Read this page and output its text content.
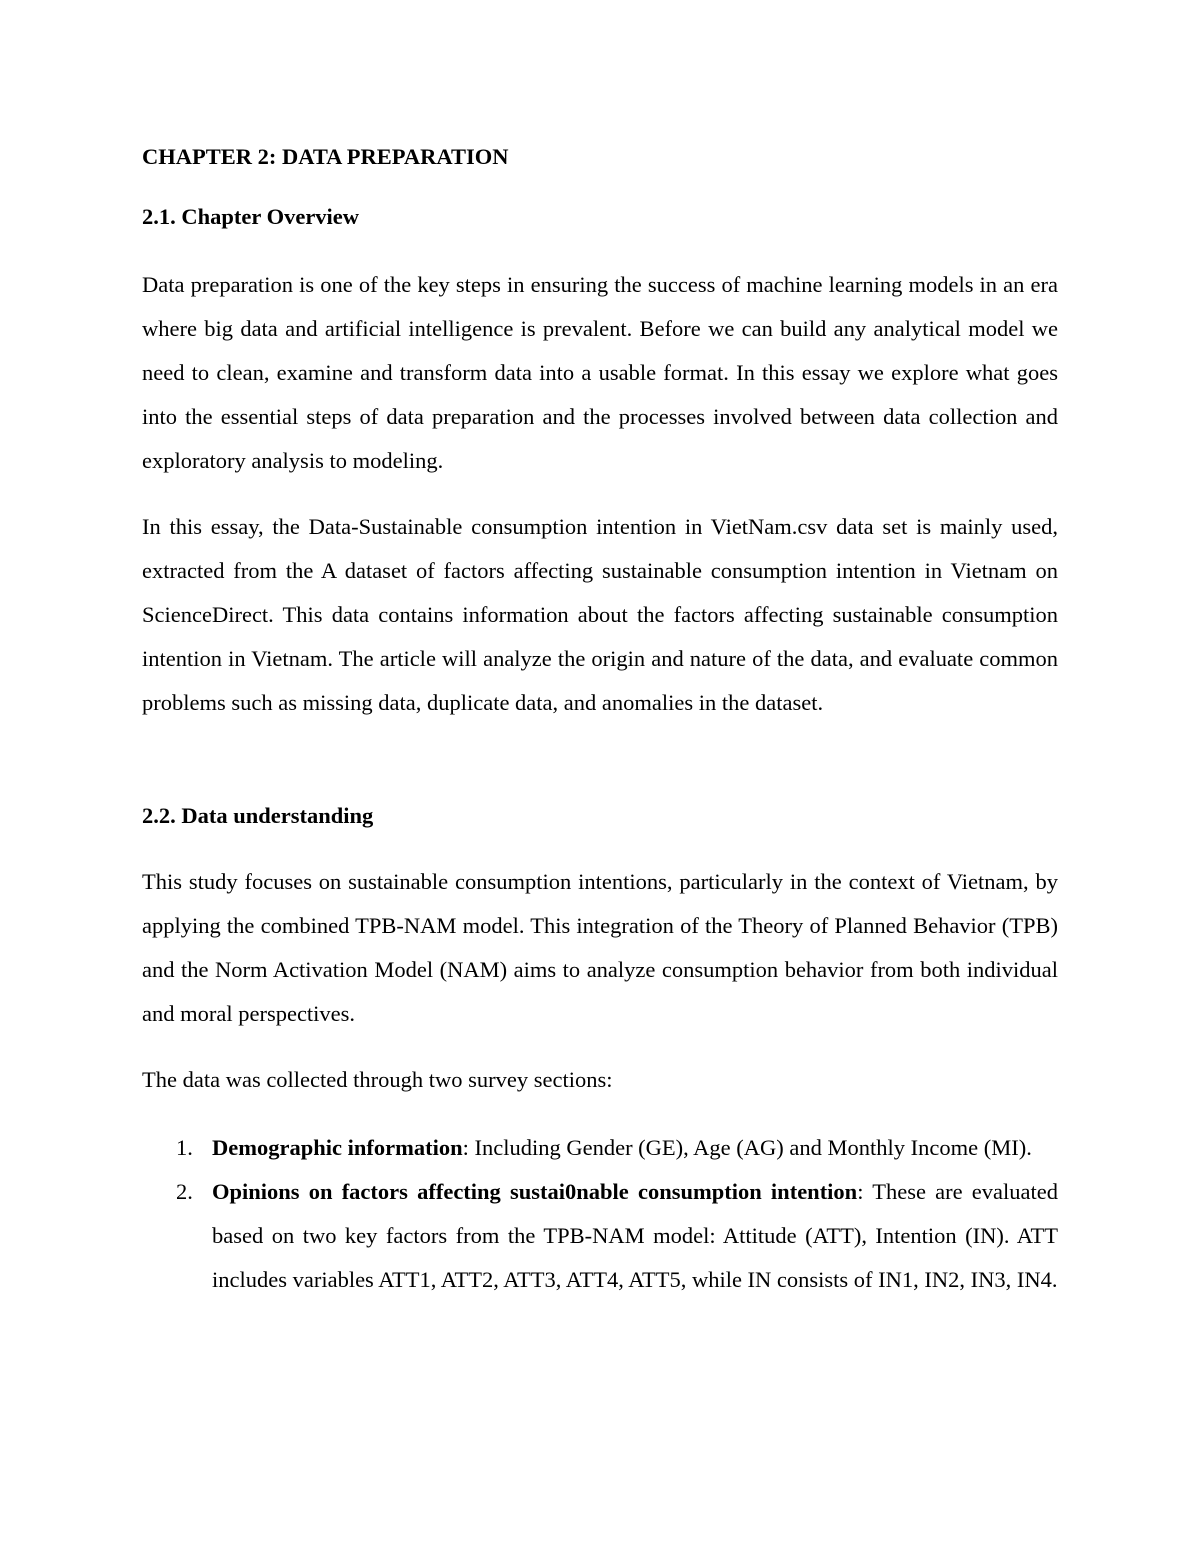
CHAPTER 2: DATA PREPARATION
2.1. Chapter Overview

Data preparation is one of the key steps in ensuring the success of machine learning models in an era where big data and artificial intelligence is prevalent. Before we can build any analytical model we need to clean, examine and transform data into a usable format. In this essay we explore what goes into the essential steps of data preparation and the processes involved between data collection and exploratory analysis to modeling.

In this essay, the Data-Sustainable consumption intention in VietNam.csv data set is mainly used, extracted from the A dataset of factors affecting sustainable consumption intention in Vietnam on ScienceDirect. This data contains information about the factors affecting sustainable consumption intention in Vietnam. The article will analyze the origin and nature of the data, and evaluate common problems such as missing data, duplicate data, and anomalies in the dataset.

2.2. Data understanding

This study focuses on sustainable consumption intentions, particularly in the context of Vietnam, by applying the combined TPB-NAM model. This integration of the Theory of Planned Behavior (TPB) and the Norm Activation Model (NAM) aims to analyze consumption behavior from both individual and moral perspectives.

The data was collected through two survey sections:

1. Demographic information: Including Gender (GE), Age (AG) and Monthly Income (MI).
2. Opinions on factors affecting sustai0nable consumption intention: These are evaluated based on two key factors from the TPB-NAM model: Attitude (ATT), Intention (IN). ATT includes variables ATT1, ATT2, ATT3, ATT4, ATT5, while IN consists of IN1, IN2, IN3, IN4.
